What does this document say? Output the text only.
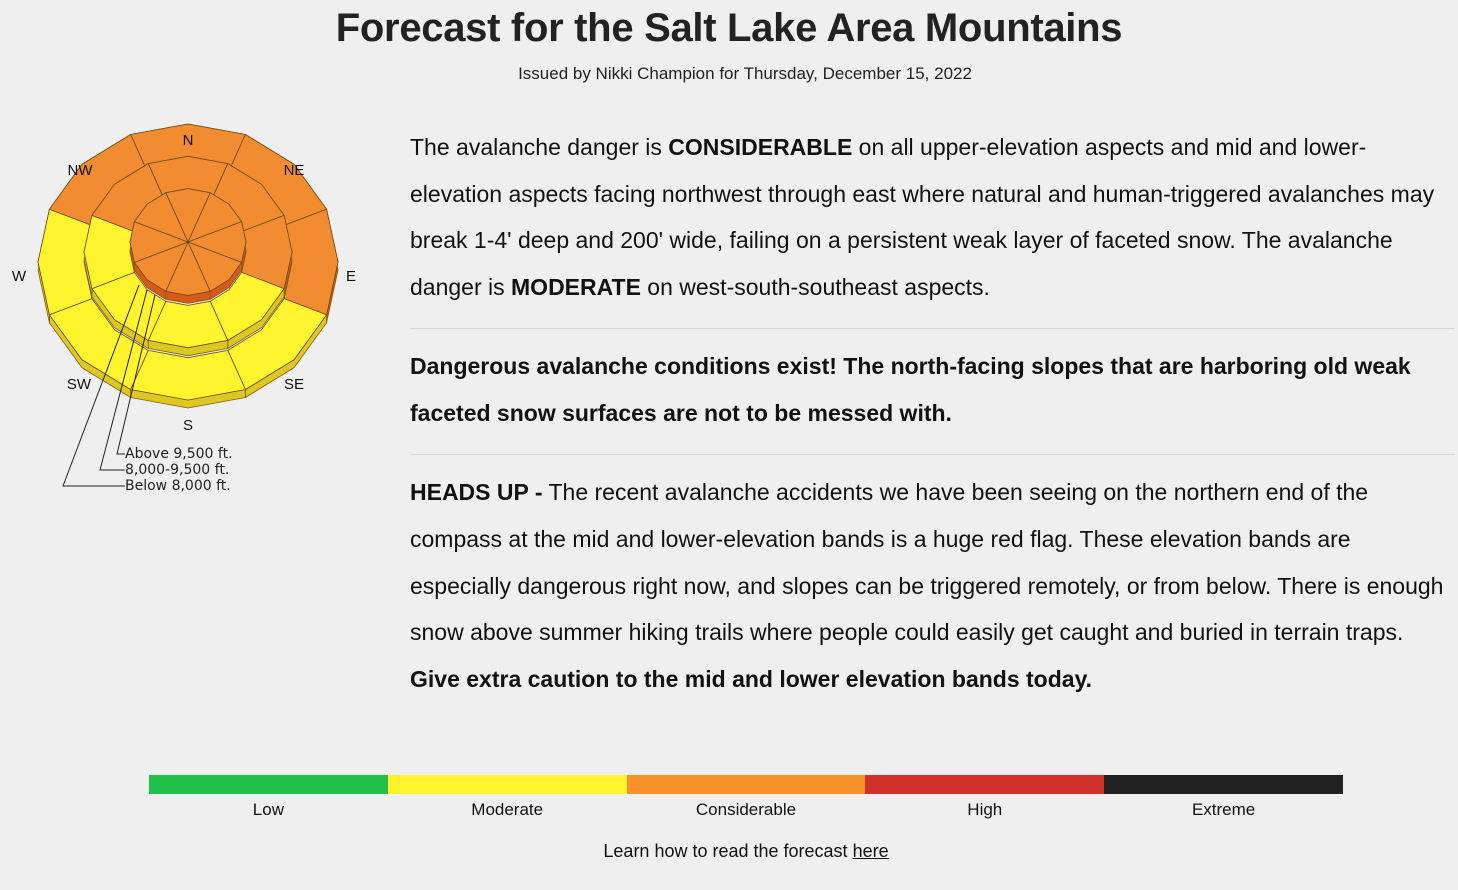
Forecast for the Salt Lake Area Mountains
Issued by Nikki Champion for Thursday, December 15, 2022
N
NE
E
SE
S
SW
W
NW
Above 9,500 ft.
8,000-9,500 ft.
Below 8,000 ft.

The avalanche danger is CONSIDERABLE on all upper-elevation aspects and mid and lower-elevation aspects facing northwest through east where natural and human-triggered avalanches may break 1-4' deep and 200' wide, failing on a persistent weak layer of faceted snow. The avalanche danger is MODERATE on west-south-southeast aspects.

Dangerous avalanche conditions exist! The north-facing slopes that are harboring old weak faceted snow surfaces are not to be messed with.

HEADS UP - The recent avalanche accidents we have been seeing on the northern end of the compass at the mid and lower-elevation bands is a huge red flag. These elevation bands are especially dangerous right now, and slopes can be triggered remotely, or from below. There is enough snow above summer hiking trails where people could easily get caught and buried in terrain traps. Give extra caution to the mid and lower elevation bands today.

Low	Moderate	Considerable	High	Extreme
Learn how to read the forecast here
